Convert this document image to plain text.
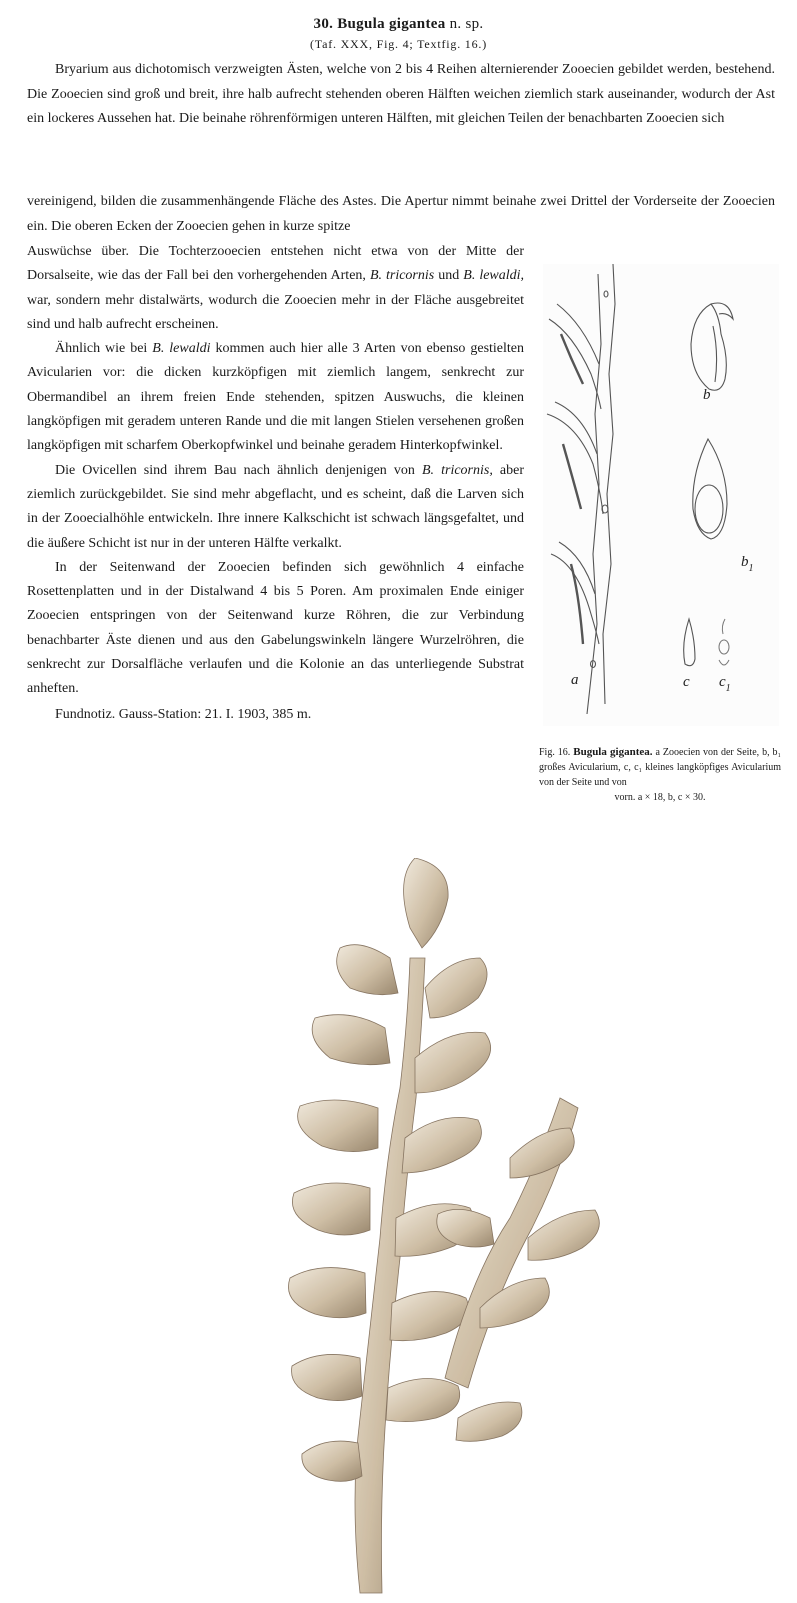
30. Bugula gigantea n. sp.
(Taf. XXX, Fig. 4; Textfig. 16.)

Bryarium aus dichotomisch verzweigten Ästen, welche von 2 bis 4 Reihen alternierender Zooecien gebildet werden, bestehend. Die Zooecien sind groß und breit, ihre halb aufrecht stehenden oberen Hälften weichen ziemlich stark auseinander, wodurch der Ast ein lockeres Aussehen hat. Die beinahe röhrenförmigen unteren Hälften, mit gleichen Teilen der benachbarten Zooecien sich

vereinigend, bilden die zusammenhängende Fläche des Astes. Die Apertur nimmt beinahe zwei Drittel der Vorderseite der Zooecien ein. Die oberen Ecken der Zooecien gehen in kurze spitze

Auswüchse über. Die Tochterzooecien entstehen nicht etwa von der Mitte der Dorsalseite, wie das der Fall bei den vorhergehenden Arten, B. tricornis und B. lewaldi, war, sondern mehr distalwärts, wodurch die Zooecien mehr in der Fläche ausgebreitet sind und halb aufrecht erscheinen.

Ähnlich wie bei B. lewaldi kommen auch hier alle 3 Arten von ebenso gestielten Avicularien vor: die dicken kurzköpfigen mit ziemlich langem, senkrecht zur Obermandibel an ihrem freien Ende stehenden, spitzen Auswuchs, die kleinen langköpfigen mit geradem unteren Rande und die mit langen Stielen versehenen großen langköpfigen mit scharfem Oberkopfwinkel und beinahe geradem Hinterkopfwinkel.

Die Ovicellen sind ihrem Bau nach ähnlich denjenigen von B. tricornis, aber ziemlich zurückgebildet. Sie sind mehr abgeflacht, und es scheint, daß die Larven sich in der Zooecialhöhle entwickeln. Ihre innere Kalkschicht ist schwach längsgefaltet, und die äußere Schicht ist nur in der unteren Hälfte verkalkt.

In der Seitenwand der Zooecien befinden sich gewöhnlich 4 einfache Rosettenplatten und in der Distalwand 4 bis 5 Poren. Am proximalen Ende einiger Zooecien entspringen von der Seitenwand kurze Röhren, die zur Verbindung benachbarter Äste dienen und aus den Gabelungswinkeln längere Wurzelröhren, die senkrecht zur Dorsalfläche verlaufen und die Kolonie an das unterliegende Substrat anheften.

Fundnotiz. Gauss-Station: 21. I. 1903, 385 m.

a
b
$b_1$
c $c_1$
Fig. 16. Bugula gigantea. a Zooecien von der Seite, b, b₁ großes Avicularium, c, c₁ kleines langköpfiges Avicularium von der Seite und von
vorn. a × 18, b, c × 30.
